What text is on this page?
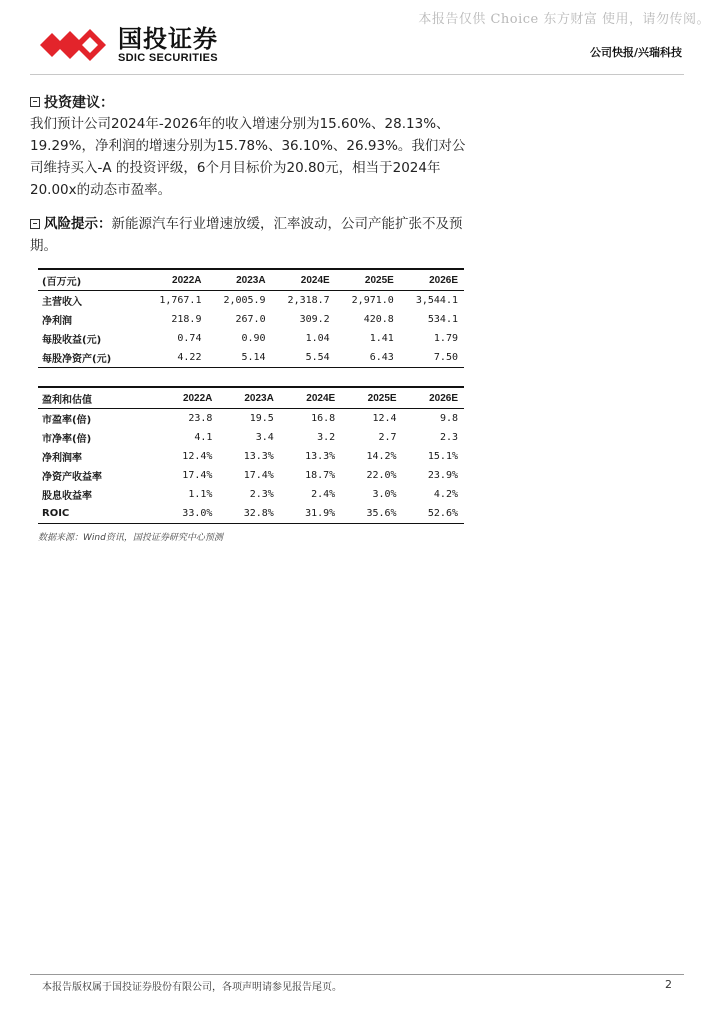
本报告仅供 Choice 东方财富 使用，请勿传阅。
国投证券
SDIC SECURITIES	公司快报/兴瑞科技
投资建议：
我们预计公司2024年-2026年的收入增速分别为15.60%、28.13%、19.29%，净利润的增速分别为15.78%、36.10%、26.93%。我们对公司维持买入-A 的投资评级，6个月目标价为20.80元，相当于2024年20.00x的动态市盈率。
风险提示：新能源汽车行业增速放缓，汇率波动，公司产能扩张不及预期。
(百万元)	2022A	2023A	2024E	2025E	2026E
主营收入	1,767.1	2,005.9	2,318.7	2,971.0	3,544.1
净利润	218.9	267.0	309.2	420.8	534.1
每股收益(元)	0.74	0.90	1.04	1.41	1.79
每股净资产(元)	4.22	5.14	5.54	6.43	7.50
盈利和估值	2022A	2023A	2024E	2025E	2026E
市盈率(倍)	23.8	19.5	16.8	12.4	9.8
市净率(倍)	4.1	3.4	3.2	2.7	2.3
净利润率	12.4%	13.3%	13.3%	14.2%	15.1%
净资产收益率	17.4%	17.4%	18.7%	22.0%	23.9%
股息收益率	1.1%	2.3%	2.4%	3.0%	4.2%
ROIC	33.0%	32.8%	31.9%	35.6%	52.6%
数据来源：Wind资讯，国投证券研究中心预测
本报告版权属于国投证券股份有限公司，各项声明请参见报告尾页。	2
